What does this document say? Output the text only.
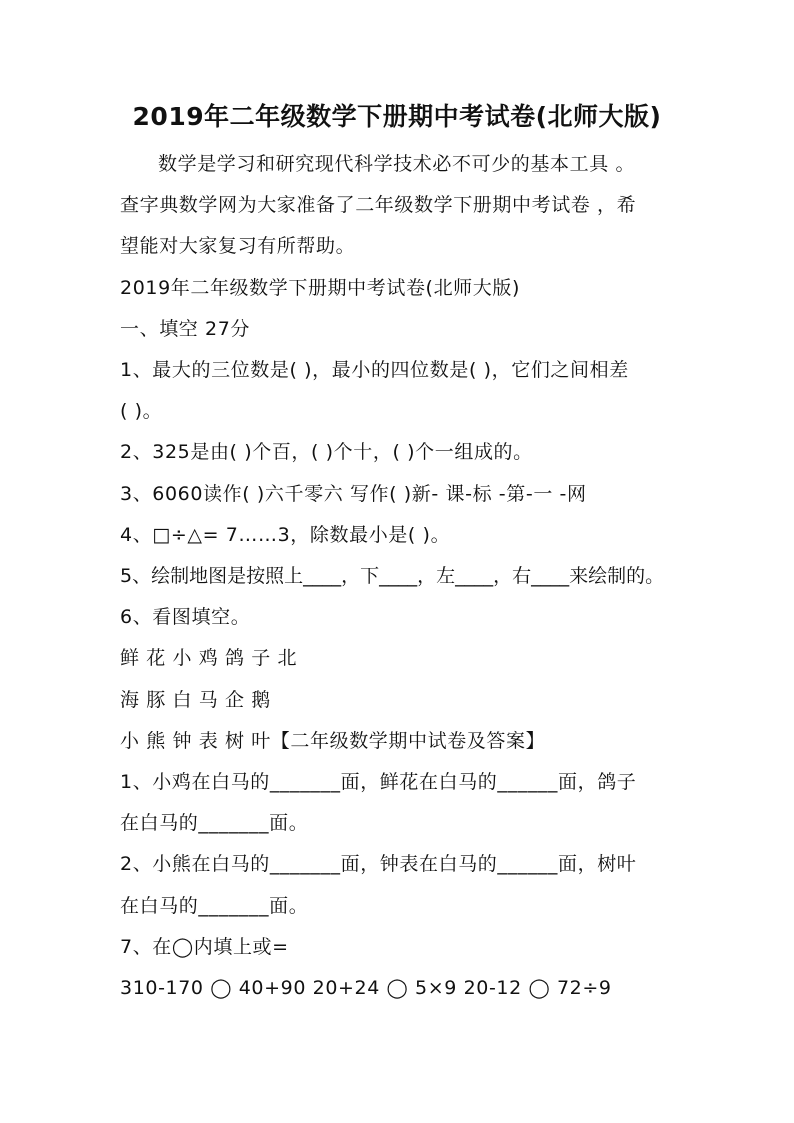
2019年二年级数学下册期中考试卷(北师大版)
数学是学习和研究现代科学技术必不可少的基本工具 。
查字典数学网为大家准备了二年级数学下册期中考试卷 ，希
望能对大家复习有所帮助。
2019年二年级数学下册期中考试卷(北师大版)
一、填空 27分
1、最大的三位数是( )，最小的四位数是( )，它们之间相差
( )。
2、325是由( )个百，( )个十，( )个一组成的。
3、6060读作( )六千零六 写作( )新- 课-标 -第-一 -网
4、□÷△= 7……3，除数最小是( )。
5、绘制地图是按照上____，下____，左____，右____来绘制的。
6、看图填空。
鲜 花 小 鸡 鸽 子 北
海 豚 白 马 企 鹅
小 熊 钟 表 树 叶【二年级数学期中试卷及答案】
1、小鸡在白马的_______面，鲜花在白马的______面，鸽子
在白马的_______面。
2、小熊在白马的_______面，钟表在白马的______面，树叶
在白马的_______面。
7、在◯内填上或=
310-170 ◯ 40+90 20+24 ◯ 5×9 20-12 ◯ 72÷9
